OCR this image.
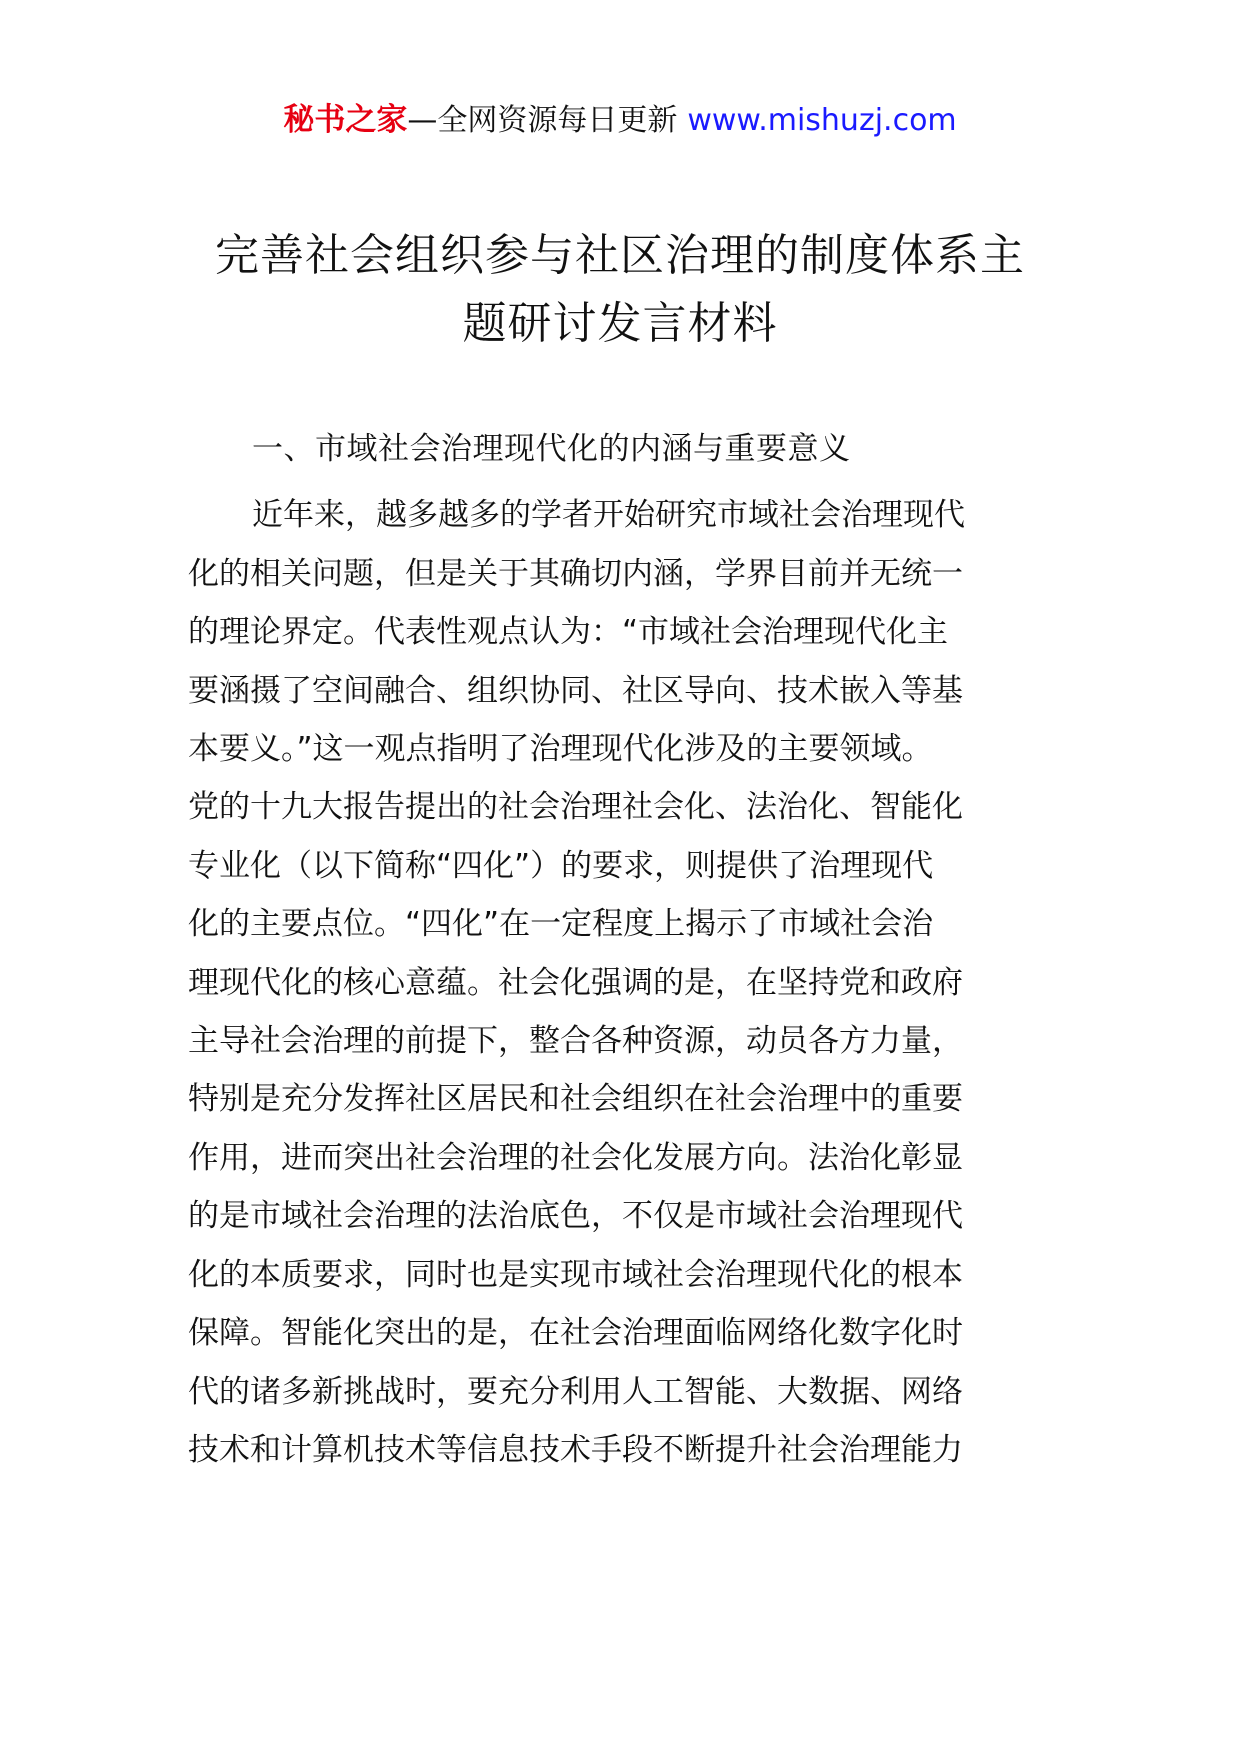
秘书之家—全网资源每日更新 www.mishuzj.com
完善社会组织参与社区治理的制度体系主
题研讨发言材料
一、市域社会治理现代化的内涵与重要意义
近年来，越多越多的学者开始研究市域社会治理现代
化的相关问题，但是关于其确切内涵，学界目前并无统一
的理论界定。代表性观点认为：“市域社会治理现代化主
要涵摄了空间融合、组织协同、社区导向、技术嵌入等基
本要义。”这一观点指明了治理现代化涉及的主要领域。
党的十九大报告提出的社会治理社会化、法治化、智能化
专业化（以下简称“四化”）的要求，则提供了治理现代
化的主要点位。“四化”在一定程度上揭示了市域社会治
理现代化的核心意蕴。社会化强调的是，在坚持党和政府
主导社会治理的前提下，整合各种资源，动员各方力量，
特别是充分发挥社区居民和社会组织在社会治理中的重要
作用，进而突出社会治理的社会化发展方向。法治化彰显
的是市域社会治理的法治底色，不仅是市域社会治理现代
化的本质要求，同时也是实现市域社会治理现代化的根本
保障。智能化突出的是，在社会治理面临网络化数字化时
代的诸多新挑战时，要充分利用人工智能、大数据、网络
技术和计算机技术等信息技术手段不断提升社会治理能力
